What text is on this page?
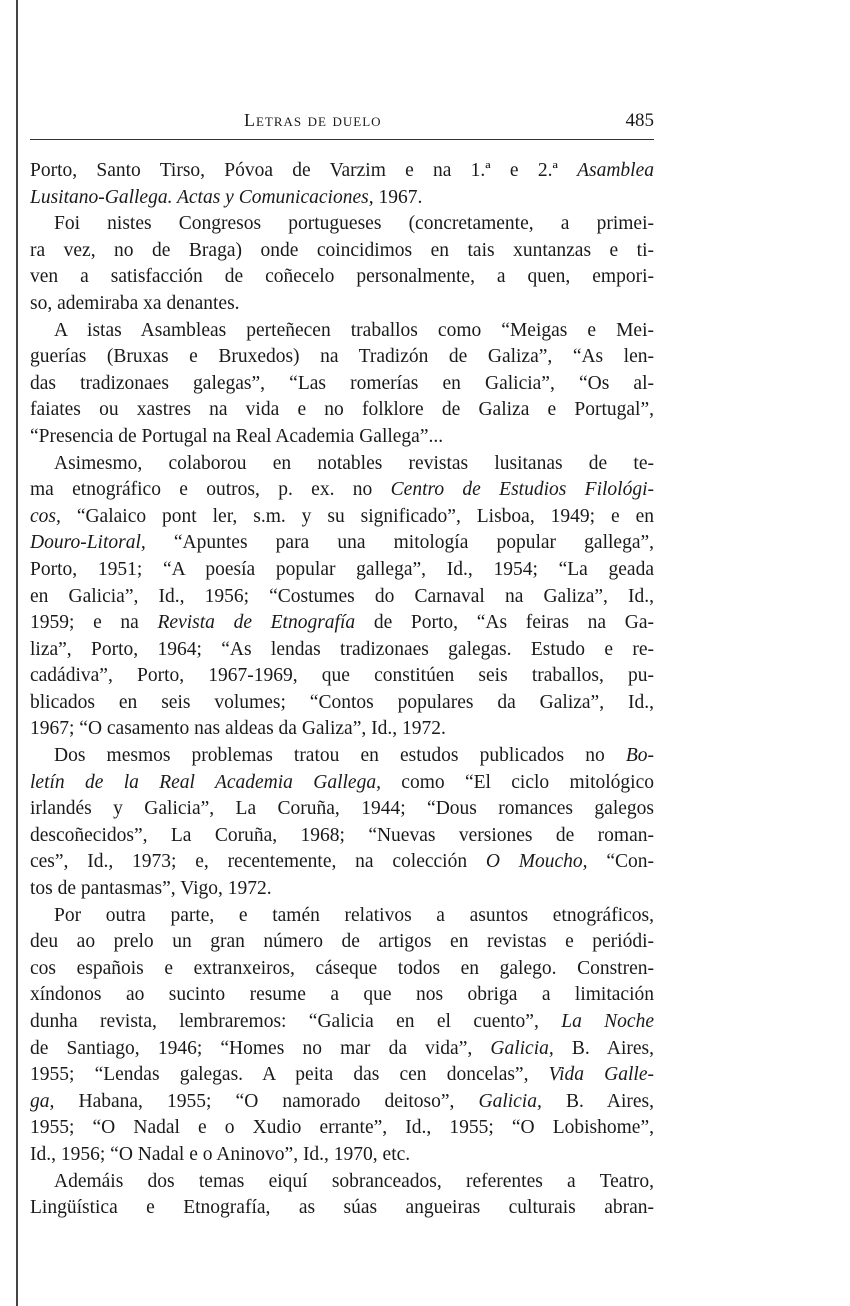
Letras de duelo	485
Porto, Santo Tirso, Póvoa de Varzim e na 1.ª e 2.ª Asamblea
Lusitano-Gallega. Actas y Comunicaciones, 1967.
Foi nistes Congresos portugueses (concretamente, a primei-
ra vez, no de Braga) onde coincidimos en tais xuntanzas e ti-
ven a satisfacción de coñecelo personalmente, a quen, empori-
so, ademiraba xa denantes.
A istas Asambleas perteñecen traballos como “Meigas e Mei-
guerías (Bruxas e Bruxedos) na Tradizón de Galiza”, “As len-
das tradizonaes galegas”, “Las romerías en Galicia”, “Os al-
faiates ou xastres na vida e no folklore de Galiza e Portugal”,
“Presencia de Portugal na Real Academia Gallega”...
Asimesmo, colaborou en notables revistas lusitanas de te-
ma etnográfico e outros, p. ex. no Centro de Estudios Filológi-
cos, “Galaico pont ler, s.m. y su significado”, Lisboa, 1949; e en
Douro-Litoral, “Apuntes para una mitología popular gallega”,
Porto, 1951; “A poesía popular gallega”, Id., 1954; “La geada
en Galicia”, Id., 1956; “Costumes do Carnaval na Galiza”, Id.,
1959; e na Revista de Etnografía de Porto, “As feiras na Ga-
liza”, Porto, 1964; “As lendas tradizonaes galegas. Estudo e re-
cadádiva”, Porto, 1967-1969, que constitúen seis traballos, pu-
blicados en seis volumes; “Contos populares da Galiza”, Id.,
1967; “O casamento nas aldeas da Galiza”, Id., 1972.
Dos mesmos problemas tratou en estudos publicados no Bo-
letín de la Real Academia Gallega, como “El ciclo mitológico
irlandés y Galicia”, La Coruña, 1944; “Dous romances galegos
descoñecidos”, La Coruña, 1968; “Nuevas versiones de roman-
ces”, Id., 1973; e, recentemente, na colección O Moucho, “Con-
tos de pantasmas”, Vigo, 1972.
Por outra parte, e tamén relativos a asuntos etnográficos,
deu ao prelo un gran número de artigos en revistas e periódi-
cos españois e extranxeiros, cáseque todos en galego. Constren-
xíndonos ao sucinto resume a que nos obriga a limitación
dunha revista, lembraremos: “Galicia en el cuento”, La Noche
de Santiago, 1946; “Homes no mar da vida”, Galicia, B. Aires,
1955; “Lendas galegas. A peita das cen doncelas”, Vida Galle-
ga, Habana, 1955; “O namorado deitoso”, Galicia, B. Aires,
1955; “O Nadal e o Xudio errante”, Id., 1955; “O Lobishome”,
Id., 1956; “O Nadal e o Aninovo”, Id., 1970, etc.
Ademáis dos temas eiquí sobranceados, referentes a Teatro,
Lingüística e Etnografía, as súas angueiras culturais abran-
